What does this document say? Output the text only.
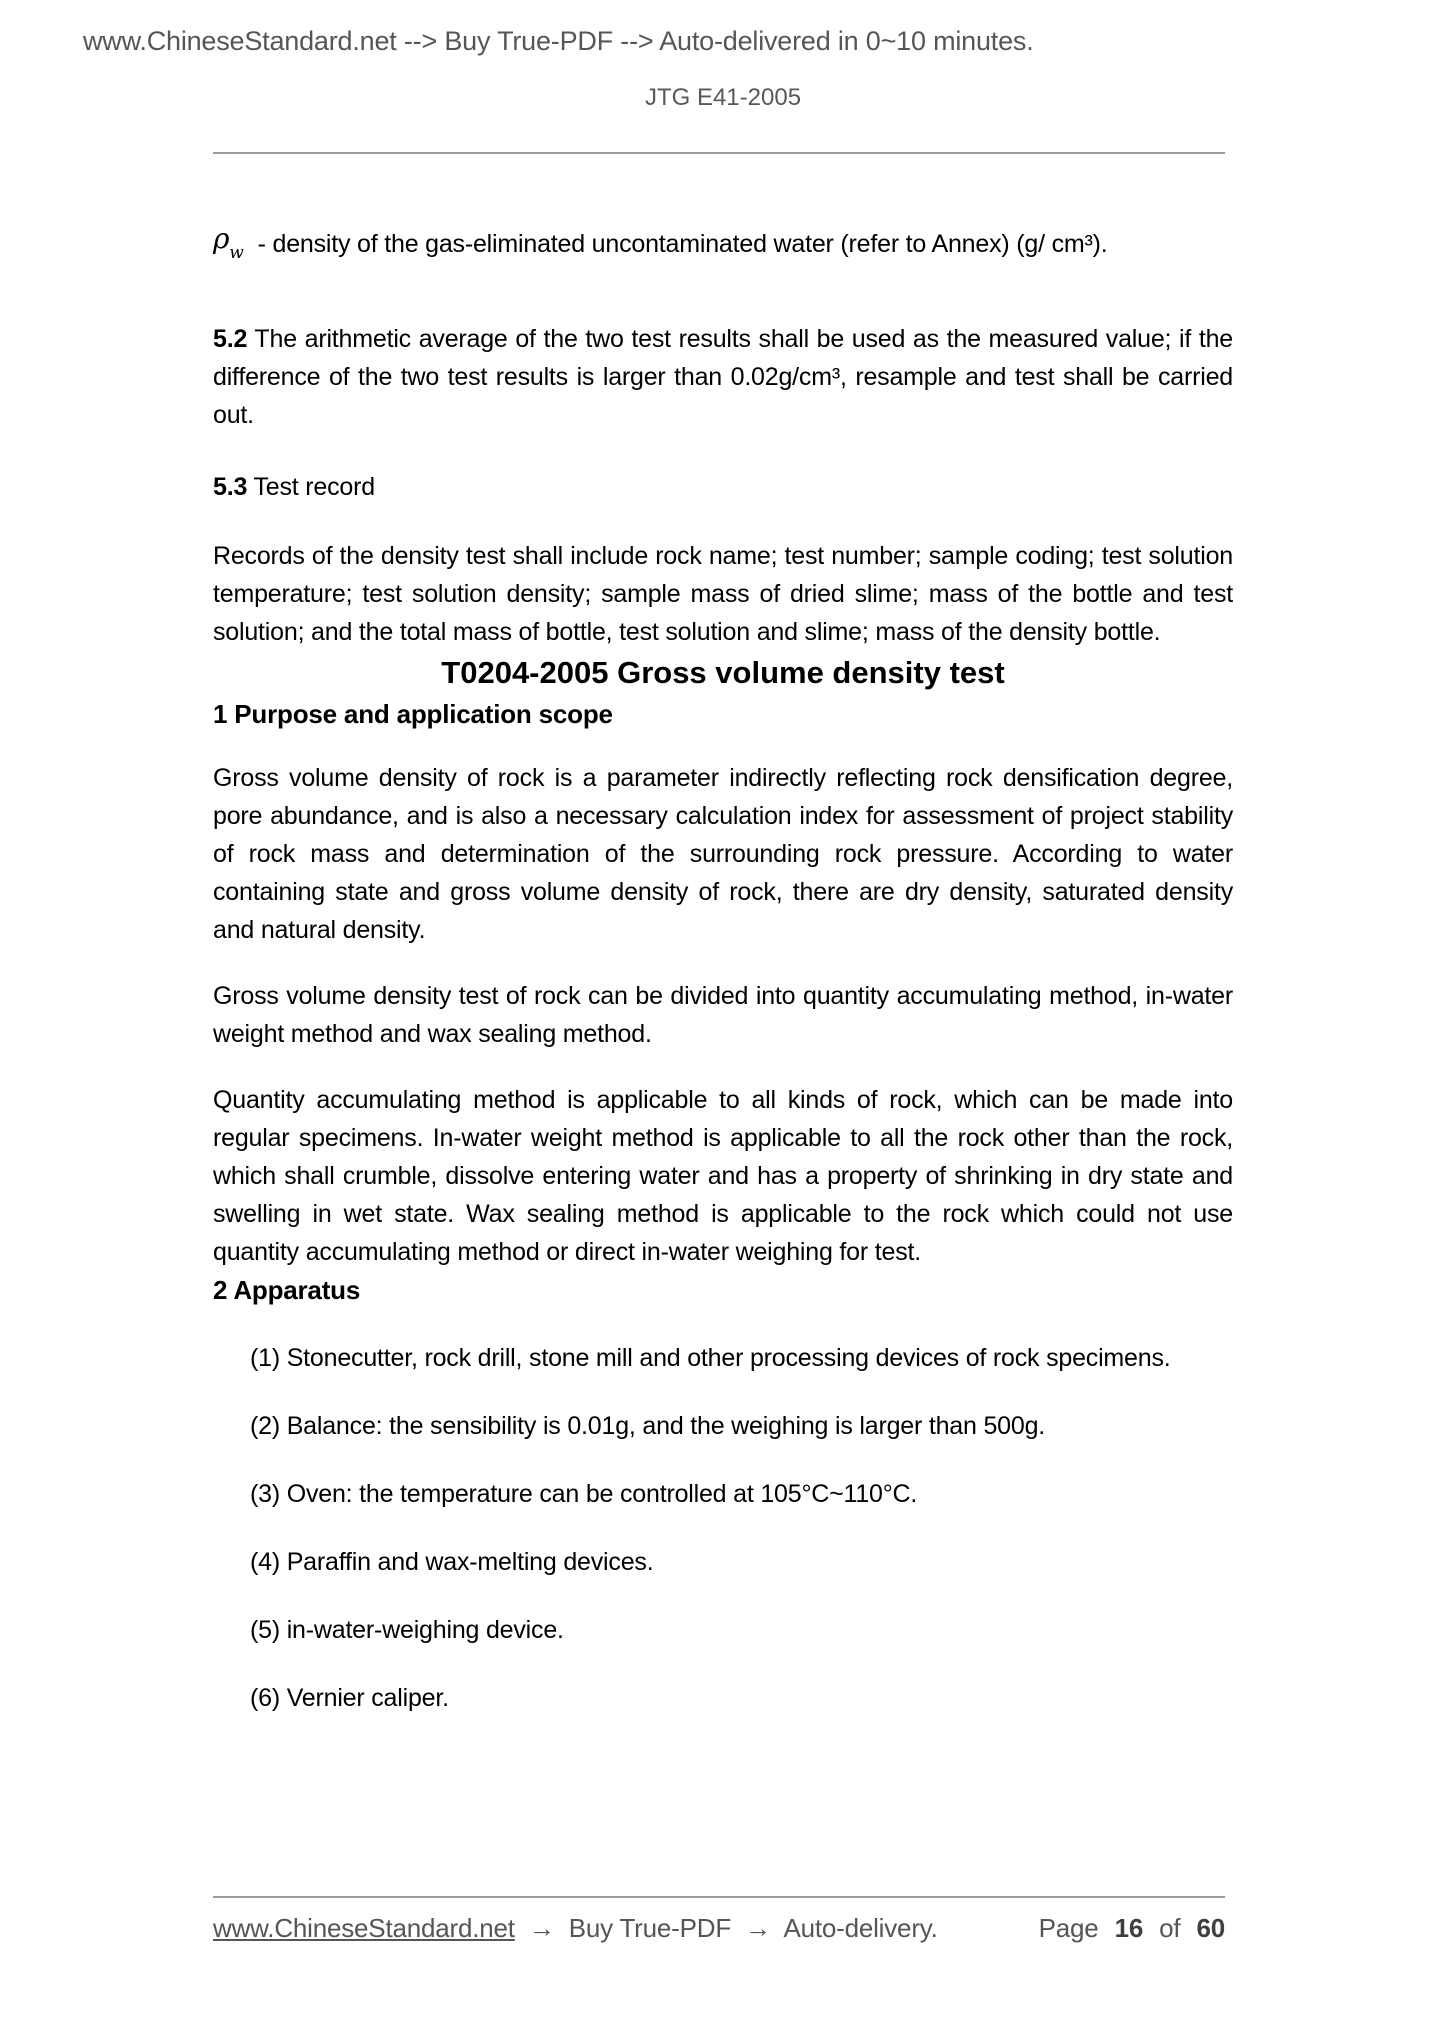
www.ChineseStandard.net --> Buy True-PDF --> Auto-delivered in 0~10 minutes.
JTG E41-2005

$\rho_w$ - density of the gas-eliminated uncontaminated water (refer to Annex) (g/ cm³).

5.2 The arithmetic average of the two test results shall be used as the measured value; if the difference of the two test results is larger than 0.02g/cm³, resample and test shall be carried out.

5.3 Test record

Records of the density test shall include rock name; test number; sample coding; test solution temperature; test solution density; sample mass of dried slime; mass of the bottle and test solution; and the total mass of bottle, test solution and slime; mass of the density bottle.

T0204-2005 Gross volume density test

1 Purpose and application scope

Gross volume density of rock is a parameter indirectly reflecting rock densification degree, pore abundance, and is also a necessary calculation index for assessment of project stability of rock mass and determination of the surrounding rock pressure. According to water containing state and gross volume density of rock, there are dry density, saturated density and natural density.

Gross volume density test of rock can be divided into quantity accumulating method, in-water weight method and wax sealing method.

Quantity accumulating method is applicable to all kinds of rock, which can be made into regular specimens. In-water weight method is applicable to all the rock other than the rock, which shall crumble, dissolve entering water and has a property of shrinking in dry state and swelling in wet state. Wax sealing method is applicable to the rock which could not use quantity accumulating method or direct in-water weighing for test.

2 Apparatus

(1) Stonecutter, rock drill, stone mill and other processing devices of rock specimens.

(2) Balance: the sensibility is 0.01g, and the weighing is larger than 500g.

(3) Oven: the temperature can be controlled at 105°C~110°C.

(4) Paraffin and wax-melting devices.

(5) in-water-weighing device.

(6) Vernier caliper.

www.ChineseStandard.net → Buy True-PDF → Auto-delivery.	Page 16 of 60
